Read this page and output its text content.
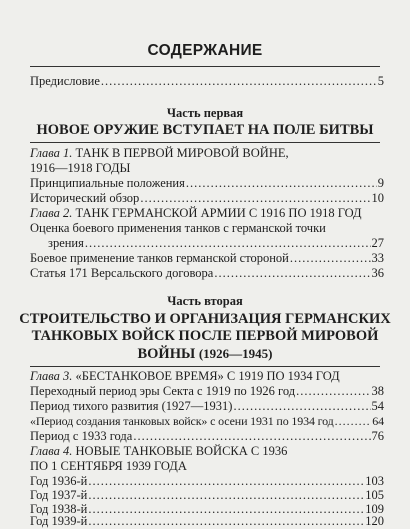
СОДЕРЖАНИЕ
Предисловие .....	5
Часть первая
НОВОЕ ОРУЖИЕ ВСТУПАЕТ НА ПОЛЕ БИТВЫ
Глава 1. ТАНК В ПЕРВОЙ МИРОВОЙ ВОЙНЕ,
1916—1918 ГОДЫ
Принципиальные положения .....	9
Исторический обзор .....	10
Глава 2. ТАНК ГЕРМАНСКОЙ АРМИИ С 1916 ПО 1918 ГОД
Оценка боевого применения танков с германской точки
зрения .....	27
Боевое применение танков германской стороной .....	33
Статья 171 Версальского договора .....	36
Часть вторая
СТРОИТЕЛЬСТВО И ОРГАНИЗАЦИЯ ГЕРМАНСКИХ
ТАНКОВЫХ ВОЙСК ПОСЛЕ ПЕРВОЙ МИРОВОЙ
ВОЙНЫ (1926—1945)
Глава 3. «БЕСТАНКОВОЕ ВРЕМЯ» С 1919 ПО 1934 ГОД
Переходный период эры Секта с 1919 по 1926 год .....	38
Период тихого развития (1927—1931) .....	54
«Период создания танковых войск» с осени 1931 по 1934 год .....	64
Период с 1933 года .....	76
Глава 4. НОВЫЕ ТАНКОВЫЕ ВОЙСКА С 1936
ПО 1 СЕНТЯБРЯ 1939 ГОДА
Год 1936-й .....	103
Год 1937-й .....	105
Год 1938-й .....	109
Год 1939-й .....	120
